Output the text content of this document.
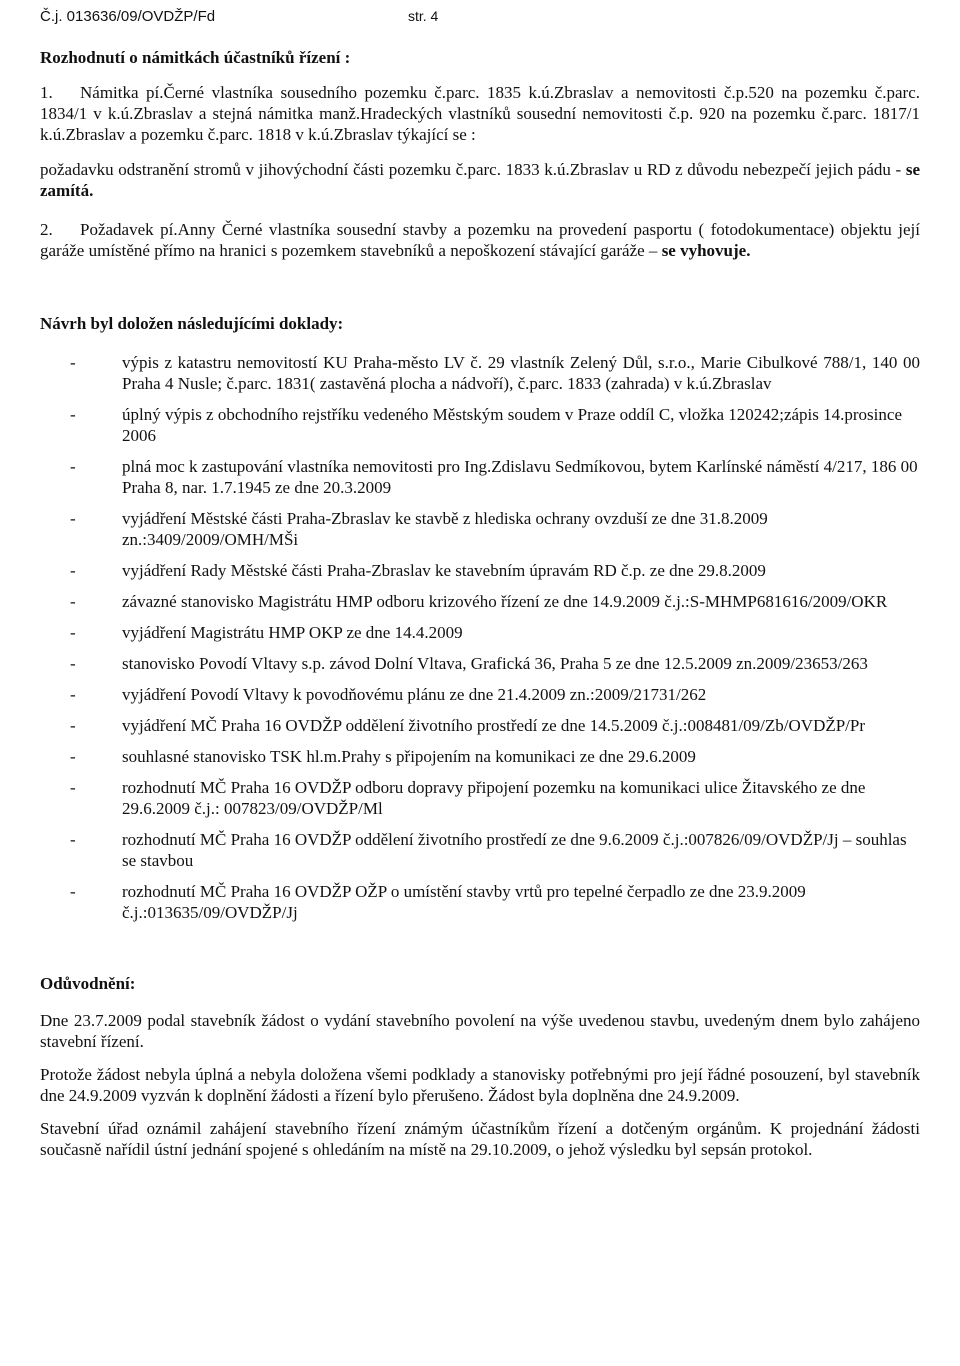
Č.j. 013636/09/OVDŽP/Fd	str. 4

Rozhodnutí o námitkách účastníků řízení :

1. Námitka pí.Černé vlastníka sousedního pozemku č.parc. 1835 k.ú.Zbraslav a nemovitosti č.p.520 na pozemku č.parc. 1834/1 v k.ú.Zbraslav a stejná námitka manž.Hradeckých vlastníků sousední nemovitosti č.p. 920 na pozemku č.parc. 1817/1 k.ú.Zbraslav a pozemku č.parc. 1818 v k.ú.Zbraslav týkající se :
požadavku odstranění stromů v jihovýchodní části pozemku č.parc. 1833 k.ú.Zbraslav u RD z důvodu nebezpečí jejich pádu - se zamítá.
2. Požadavek pí.Anny Černé vlastníka sousední stavby a pozemku na provedení pasportu ( fotodokumentace) objektu její garáže umístěné přímo na hranici s pozemkem stavebníků a nepoškození stávající garáže – se vyhovuje.

Návrh byl doložen následujícími doklady:

-	výpis z katastru nemovitostí KU Praha-město LV č. 29 vlastník Zelený Důl, s.r.o., Marie Cibulkové 788/1, 140 00 Praha 4 Nusle; č.parc. 1831( zastavěná plocha a nádvoří), č.parc. 1833 (zahrada) v k.ú.Zbraslav
-	úplný výpis z obchodního rejstříku vedeného Městským soudem v Praze oddíl C, vložka 120242;zápis 14.prosince 2006
-	plná moc k zastupování vlastníka nemovitosti pro Ing.Zdislavu Sedmíkovou, bytem Karlínské náměstí 4/217, 186 00 Praha 8, nar. 1.7.1945 ze dne 20.3.2009
-	vyjádření Městské části Praha-Zbraslav ke stavbě z hlediska ochrany ovzduší ze dne 31.8.2009 zn.:3409/2009/OMH/MŠi
-	vyjádření Rady Městské části Praha-Zbraslav ke stavebním úpravám RD č.p. ze dne 29.8.2009
-	závazné stanovisko Magistrátu HMP odboru krizového řízení ze dne 14.9.2009 č.j.:S-MHMP681616/2009/OKR
-	vyjádření Magistrátu HMP OKP ze dne 14.4.2009
-	stanovisko Povodí Vltavy s.p. závod Dolní Vltava, Grafická 36, Praha 5 ze dne 12.5.2009 zn.2009/23653/263
-	vyjádření Povodí Vltavy k povodňovému plánu ze dne 21.4.2009 zn.:2009/21731/262
-	vyjádření MČ Praha 16 OVDŽP oddělení životního prostředí ze dne 14.5.2009 č.j.:008481/09/Zb/OVDŽP/Pr
-	souhlasné stanovisko TSK hl.m.Prahy s připojením na komunikaci ze dne 29.6.2009
-	rozhodnutí MČ Praha 16 OVDŽP odboru dopravy připojení pozemku na komunikaci ulice Žitavského ze dne 29.6.2009 č.j.: 007823/09/OVDŽP/Ml
-	rozhodnutí MČ Praha 16 OVDŽP oddělení životního prostředí ze dne 9.6.2009 č.j.:007826/09/OVDŽP/Jj – souhlas se stavbou
-	rozhodnutí MČ Praha 16 OVDŽP OŽP o umístění stavby vrtů pro tepelné čerpadlo ze dne 23.9.2009 č.j.:013635/09/OVDŽP/Jj

Odůvodnění:

Dne 23.7.2009 podal stavebník žádost o vydání stavebního povolení na výše uvedenou stavbu, uvedeným dnem bylo zahájeno stavební řízení.

Protože žádost nebyla úplná a nebyla doložena všemi podklady a stanovisky potřebnými pro její řádné posouzení, byl stavebník dne 24.9.2009 vyzván k doplnění žádosti a řízení bylo přerušeno. Žádost byla doplněna dne 24.9.2009.

Stavební úřad oznámil zahájení stavebního řízení známým účastníkům řízení a dotčeným orgánům. K projednání žádosti současně nařídil ústní jednání spojené s ohledáním na místě na 29.10.2009, o jehož výsledku byl sepsán protokol.
